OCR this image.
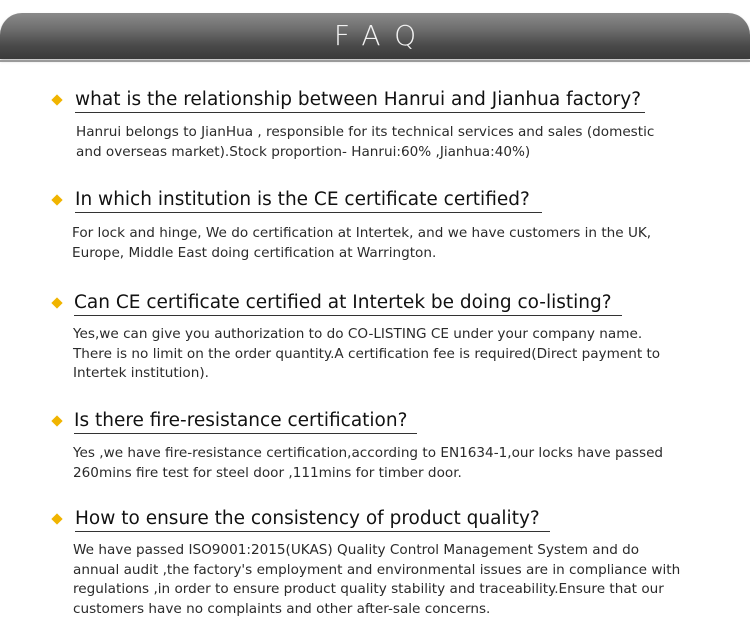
FAQ
what is the relationship between Hanrui and Jianhua factory?
Hanrui belongs to JianHua , responsible for its technical services and sales (domestic
and overseas market).Stock proportion- Hanrui:60% ,Jianhua:40%)
In which institution is the CE certificate certified?
For lock and hinge, We do certification at Intertek, and we have customers in the UK,
Europe, Middle East doing certification at Warrington.
Can CE certificate certified at Intertek be doing co-listing?
Yes,we can give you authorization to do CO-LISTING CE under your company name.
There is no limit on the order quantity.A certification fee is required(Direct payment to
Intertek institution).
Is there fire-resistance certification?
Yes ,we have fire-resistance certification,according to EN1634-1,our locks have passed
260mins fire test for steel door ,111mins for timber door.
How to ensure the consistency of product quality?
We have passed ISO9001:2015(UKAS) Quality Control Management System and do
annual audit ,the factory's employment and environmental issues are in compliance with
regulations ,in order to ensure product quality stability and traceability.Ensure that our
customers have no complaints and other after-sale concerns.
